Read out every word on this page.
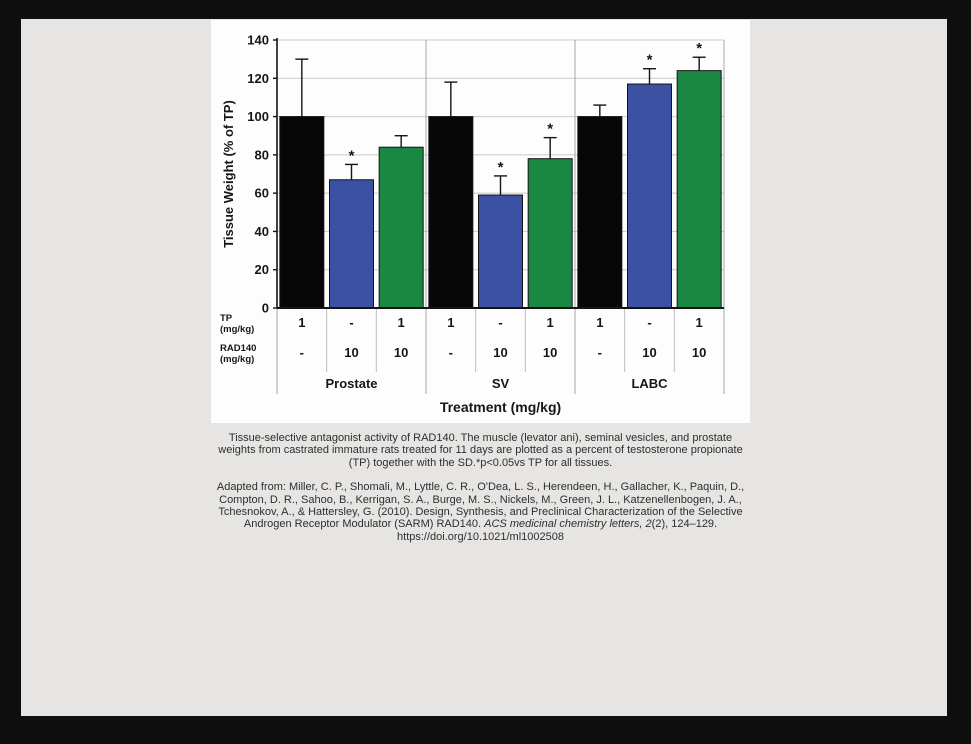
1
-
*
-
10
1
10
Prostate
1
-
*
-
10
*
1
10
SV
1
-
*
-
10
*
1
10
LABC
0
20
40
60
80
100
120
140
Tissue Weight (% of TP)
TP
(mg/kg)
RAD140
(mg/kg)
Treatment (mg/kg)

Tissue-selective antagonist activity of RAD140. The muscle (levator ani), seminal vesicles, and prostate weights from castrated immature rats treated for 11 days are plotted as a percent of testosterone propionate (TP) together with the SD.*p<0.05vs TP for all tissues.

Adapted from: Miller, C. P., Shomali, M., Lyttle, C. R., O'Dea, L. S., Herendeen, H., Gallacher, K., Paquin, D., Compton, D. R., Sahoo, B., Kerrigan, S. A., Burge, M. S., Nickels, M., Green, J. L., Katzenellenbogen, J. A., Tchesnokov, A., & Hattersley, G. (2010). Design, Synthesis, and Preclinical Characterization of the Selective Androgen Receptor Modulator (SARM) RAD140. ACS medicinal chemistry letters, 2(2), 124–129.
https://doi.org/10.1021/ml1002508
